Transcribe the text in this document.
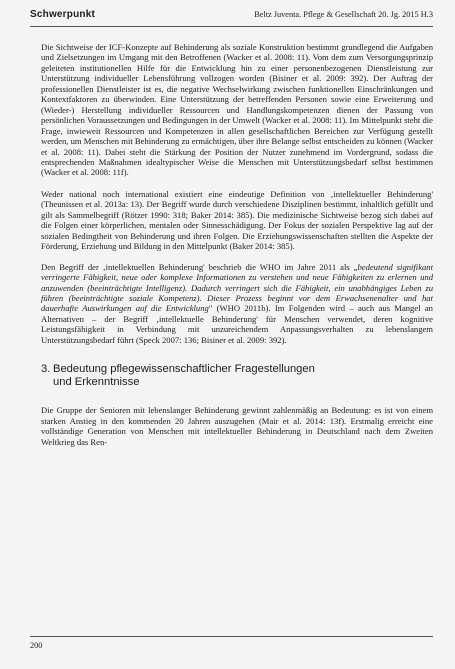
Schwerpunkt	Beltz Juventa. Pflege & Gesellschaft 20. Jg. 2015 H.3

Die Sichtweise der ICF-Konzepte auf Behinderung als soziale Konstruktion bestimmt grundlegend die Aufgaben und Zielsetzungen im Umgang mit den Betroffenen (Wacker et al. 2008: 11). Vom dem zum Versorgungsprinzip geleiteten institutionellen Hilfe für die Entwicklung hin zu einer personenbezogenen Dienstleistung zur Unterstützung individueller Lebensführung vollzogen worden (Bisiner et al. 2009: 392). Der Auftrag der professionellen Dienstleister ist es, die negative Wechselwirkung zwischen funktionellen Einschränkungen und Kontextfaktoren zu überwinden. Eine Unterstützung der betreffenden Personen sowie eine Erweiterung und (Wieder-) Herstellung individueller Ressourcen und Handlungskompetenzen dienen der Passung von persönlichen Voraussetzungen und Bedingungen in der Umwelt (Wacker et al. 2008: 11). Im Mittelpunkt steht die Frage, inwieweit Ressourcen und Kompetenzen in allen gesellschaftlichen Bereichen zur Verfügung gestellt werden, um Menschen mit Behinderung zu ermächtigen, über ihre Belange selbst entscheiden zu können (Wacker et al. 2008: 11). Dabei steht die Stärkung der Position der Nutzer zunehmend im Vordergrund, sodass die entsprechenden Maßnahmen idealtypischer Weise die Menschen mit Unterstützungsbedarf selbst bestimmen (Wacker et al. 2008: 11f).

Weder national noch international existiert eine eindeutige Definition von ‚intellektueller Behinderung' (Theunissen et al. 2013a: 13). Der Begriff wurde durch verschiedene Disziplinen bestimmt, inhaltlich gefüllt und gilt als Sammelbegriff (Rötzer 1990: 318; Baker 2014: 385). Die medizinische Sichtweise bezog sich dabei auf die Folgen einer körperlichen, mentalen oder Sinnesschädigung. Der Fokus der sozialen Perspektive lag auf der sozialen Bedingtheit von Behinderung und ihren Folgen. Die Erziehungswissenschaften stellten die Aspekte der Förderung, Erziehung und Bildung in den Mittelpunkt (Baker 2014: 385).

Den Begriff der ‚intellektuellen Behinderung' beschrieb die WHO im Jahre 2011 als „bedeutend signifikant verringerte Fähigkeit, neue oder komplexe Informationen zu verstehen und neue Fähigkeiten zu erlernen und anzuwenden (beeinträchtigte Intelligenz). Dadurch verringert sich die Fähigkeit, ein unabhängiges Leben zu führen (beeinträchtigte soziale Kompetenz). Dieser Prozess beginnt vor dem Erwachsenenalter und hat dauerhafte Auswirkungen auf die Entwicklung" (WHO 2011b). Im Folgenden wird – auch aus Mangel an Alternativen – der Begriff ‚intellektuelle Behinderung' für Menschen verwendet, deren kognitive Leistungsfähigkeit in Verbindung mit unzureichendem Anpassungsverhalten zu lebenslangem Unterstützungsbedarf führt (Speck 2007: 136; Bisiner et al. 2009: 392).

3. Bedeutung pflegewissenschaftlicher Fragestellungen
und Erkenntnisse

Die Gruppe der Senioren mit lebenslanger Behinderung gewinnt zahlenmäßig an Bedeutung: es ist von einem starken Anstieg in den kommenden 20 Jahren auszugehen (Mair et al. 2014: 13f). Erstmalig erreicht eine vollständige Generation von Menschen mit intellektueller Behinderung in Deutschland nach dem Zweiten Weltkrieg das Ren-

200
